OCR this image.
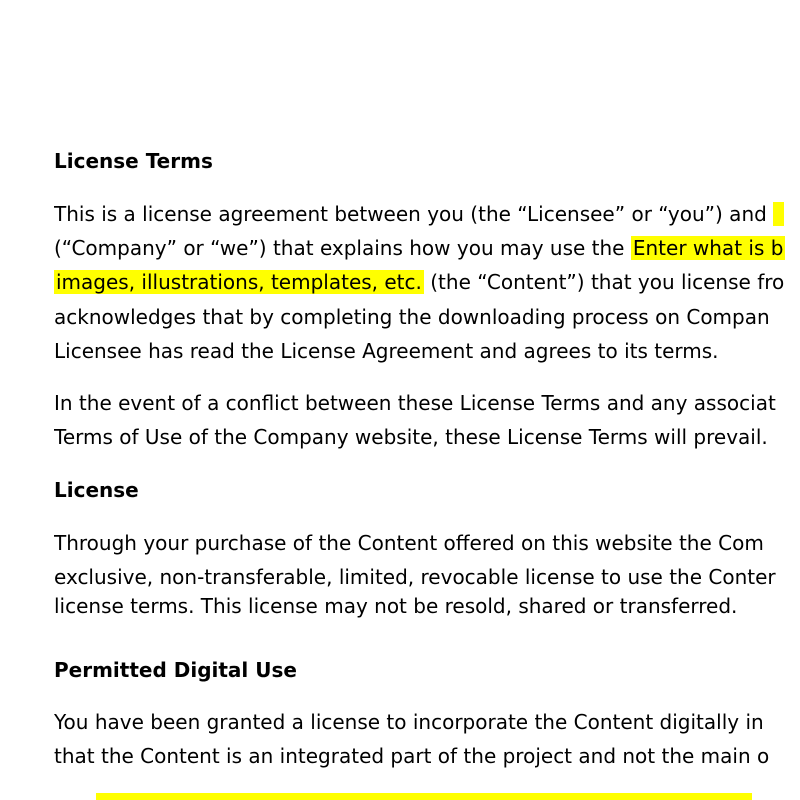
License Terms
This is a license agreement between you (the “Licensee” or “you”) and
(“Company” or “we”) that explains how you may use the Enter what is b
images, illustrations, templates, etc. (the “Content”) that you license fro
acknowledges that by completing the downloading process on Compan
Licensee has read the License Agreement and agrees to its terms.
In the event of a conflict between these License Terms and any associat
Terms of Use of the Company website, these License Terms will prevail.
License
Through your purchase of the Content offered on this website the Com
exclusive, non-transferable, limited, revocable license to use the Conter
license terms. This license may not be resold, shared or transferred.
Permitted Digital Use
You have been granted a license to incorporate the Content digitally in
that the Content is an integrated part of the project and not the main o
